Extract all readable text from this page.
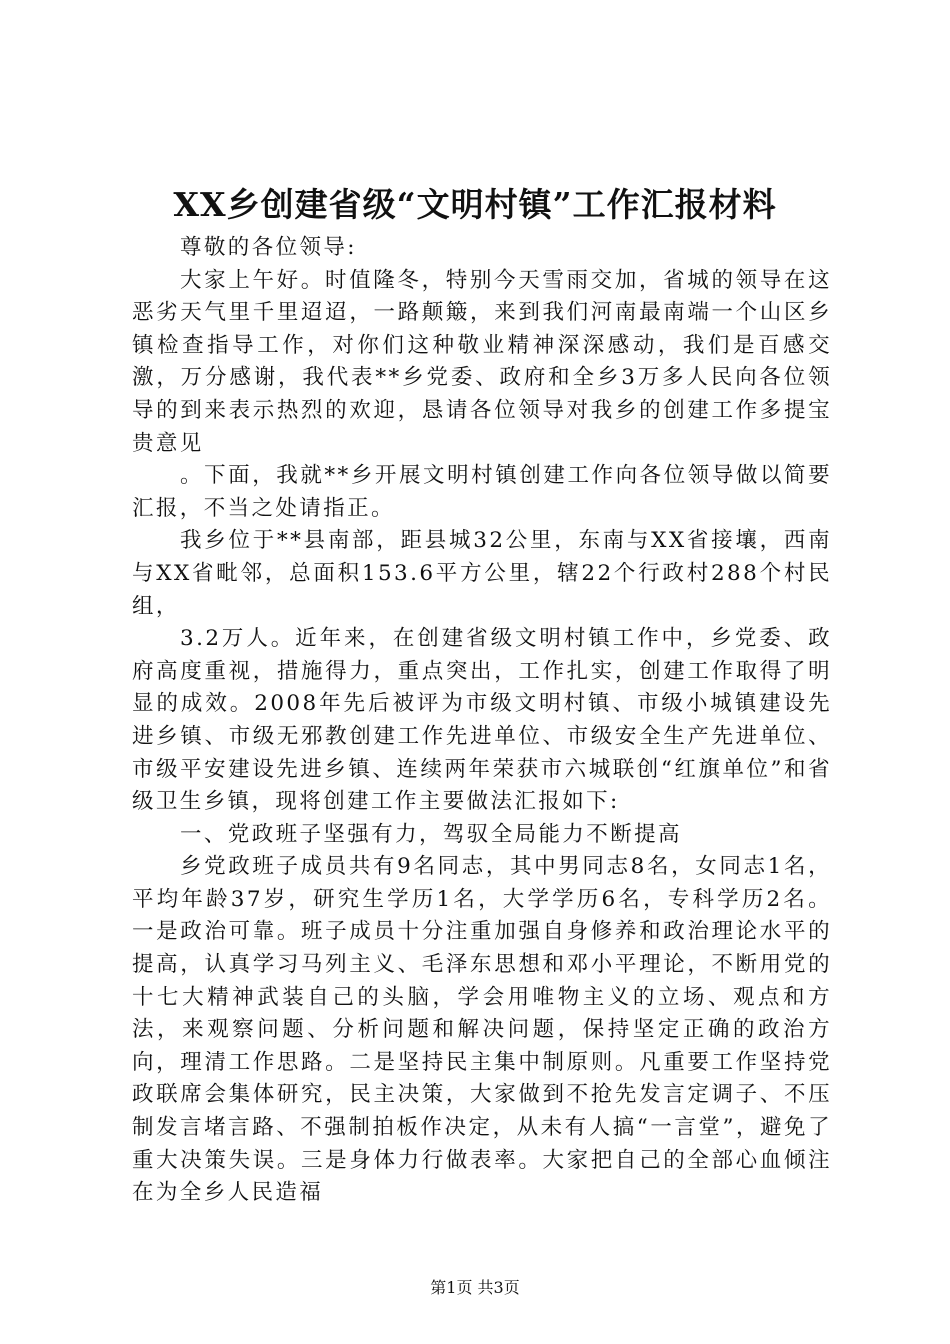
XX乡创建省级“文明村镇”工作汇报材料

尊敬的各位领导:

大家上午好。时值隆冬，特别今天雪雨交加，省城的领导在这恶劣天气里千里迢迢，一路颠簸，来到我们河南最南端一个山区乡镇检查指导工作，对你们这种敬业精神深深感动，我们是百感交激，万分感谢，我代表**乡党委、政府和全乡3万多人民向各位领导的到来表示热烈的欢迎，恳请各位领导对我乡的创建工作多提宝贵意见

。下面，我就**乡开展文明村镇创建工作向各位领导做以简要汇报，不当之处请指正。

我乡位于**县南部，距县城32公里，东南与XX省接壤，西南与XX省毗邻，总面积153.6平方公里，辖22个行政村288个村民组，

3.2万人。近年来，在创建省级文明村镇工作中，乡党委、政府高度重视，措施得力，重点突出，工作扎实，创建工作取得了明显的成效。2008年先后被评为市级文明村镇、市级小城镇建设先进乡镇、市级无邪教创建工作先进单位、市级安全生产先进单位、市级平安建设先进乡镇、连续两年荣获市六城联创“红旗单位”和省级卫生乡镇，现将创建工作主要做法汇报如下:

一、党政班子坚强有力，驾驭全局能力不断提高

乡党政班子成员共有9名同志，其中男同志8名，女同志1名，平均年龄37岁，研究生学历1名，大学学历6名，专科学历2名。一是政治可靠。班子成员十分注重加强自身修养和政治理论水平的提高，认真学习马列主义、毛泽东思想和邓小平理论，不断用党的十七大精神武装自己的头脑，学会用唯物主义的立场、观点和方法，来观察问题、分析问题和解决问题，保持坚定正确的政治方向，理清工作思路。二是坚持民主集中制原则。凡重要工作坚持党政联席会集体研究，民主决策，大家做到不抢先发言定调子、不压制发言堵言路、不强制拍板作决定，从未有人搞“一言堂”，避免了重大决策失误。三是身体力行做表率。大家把自己的全部心血倾注在为全乡人民造福

第1页 共3页
